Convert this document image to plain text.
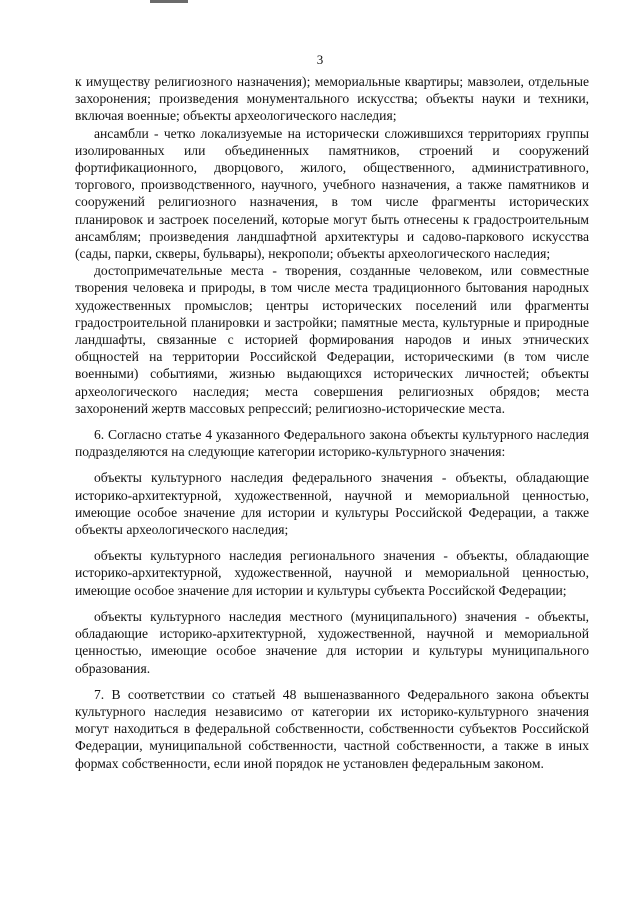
3

к имуществу религиозного назначения); мемориальные квартиры; мавзолеи, отдельные захоронения; произведения монументального искусства; объекты науки и техники, включая военные; объекты археологического наследия;

ансамбли - четко локализуемые на исторически сложившихся территориях группы изолированных или объединенных памятников, строений и сооружений фортификационного, дворцового, жилого, общественного, административного, торгового, производственного, научного, учебного назначения, а также памятников и сооружений религиозного назначения, в том числе фрагменты исторических планировок и застроек поселений, которые могут быть отнесены к градостроительным ансамблям; произведения ландшафтной архитектуры и садово-паркового искусства (сады, парки, скверы, бульвары), некрополи; объекты археологического наследия;

достопримечательные места - творения, созданные человеком, или совместные творения человека и природы, в том числе места традиционного бытования народных художественных промыслов; центры исторических поселений или фрагменты градостроительной планировки и застройки; памятные места, культурные и природные ландшафты, связанные с историей формирования народов и иных этнических общностей на территории Российской Федерации, историческими (в том числе военными) событиями, жизнью выдающихся исторических личностей; объекты археологического наследия; места совершения религиозных обрядов; места захоронений жертв массовых репрессий; религиозно-исторические места.

6. Согласно статье 4 указанного Федерального закона объекты культурного наследия подразделяются на следующие категории историко-культурного значения:

объекты культурного наследия федерального значения - объекты, обладающие историко-архитектурной, художественной, научной и мемориальной ценностью, имеющие особое значение для истории и культуры Российской Федерации, а также объекты археологического наследия;

объекты культурного наследия регионального значения - объекты, обладающие историко-архитектурной, художественной, научной и мемориальной ценностью, имеющие особое значение для истории и культуры субъекта Российской Федерации;

объекты культурного наследия местного (муниципального) значения - объекты, обладающие историко-архитектурной, художественной, научной и мемориальной ценностью, имеющие особое значение для истории и культуры муниципального образования.

7. В соответствии со статьей 48 вышеназванного Федерального закона объекты культурного наследия независимо от категории их историко-культурного значения могут находиться в федеральной собственности, собственности субъектов Российской Федерации, муниципальной собственности, частной собственности, а также в иных формах собственности, если иной порядок не установлен федеральным законом.
